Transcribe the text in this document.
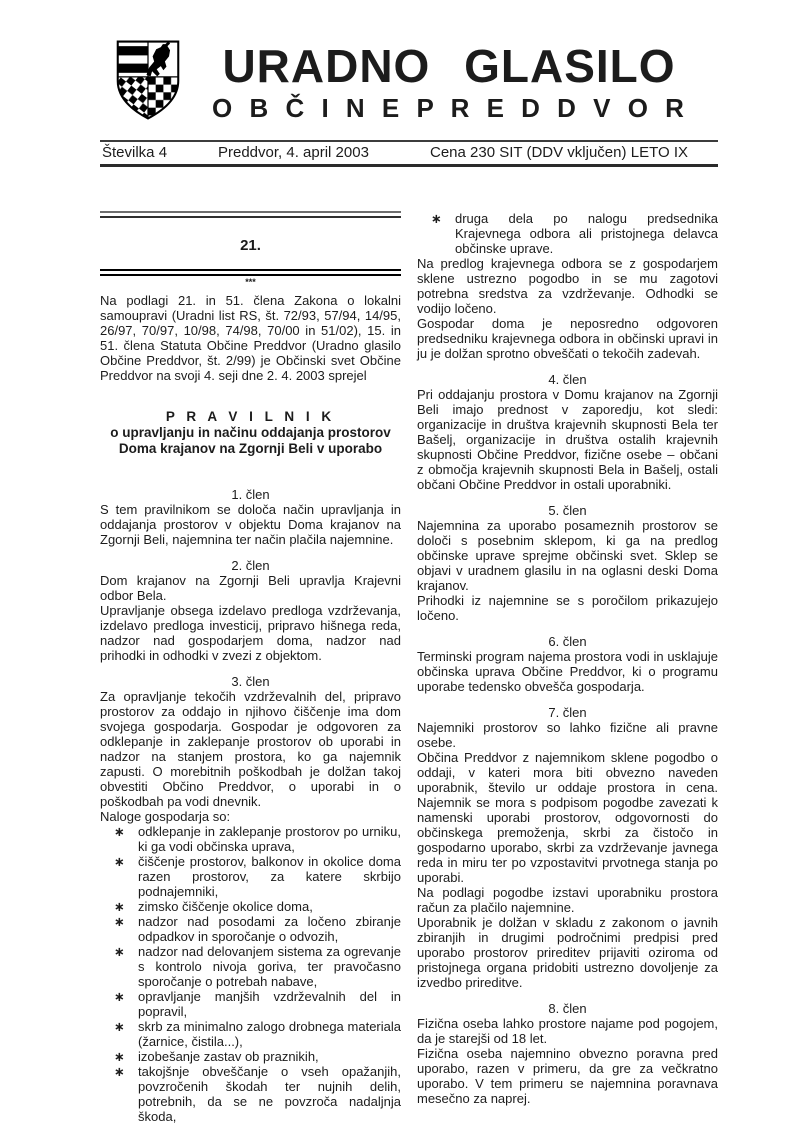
URADNO GLASILO
O B Č I N E P R E D D V O R
Številka 4	Preddvor, 4. april 2003	Cena 230 SIT (DDV vključen) LETO IX
21.
***

Na podlagi 21. in 51. člena Zakona o lokalni samoupravi (Uradni list RS, št. 72/93, 57/94, 14/95, 26/97, 70/97, 10/98, 74/98, 70/00 in 51/02), 15. in 51. člena Statuta Občine Preddvor (Uradno glasilo Občine Preddvor, št. 2/99) je Občinski svet Občine Preddvor na svoji 4. seji dne 2. 4. 2003 sprejel

P R A V I L N I K
o upravljanju in načinu oddajanja prostorov
Doma krajanov na Zgornji Beli v uporabo
1. člen

S tem pravilnikom se določa način upravljanja in oddajanja prostorov v objektu Doma krajanov na Zgornji Beli, najemnina ter način plačila najemnine.

2. člen

Dom krajanov na Zgornji Beli upravlja Krajevni odbor Bela.

Upravljanje obsega izdelavo predloga vzdrževanja, izdelavo predloga investicij, pripravo hišnega reda, nadzor nad gospodarjem doma, nadzor nad prihodki in odhodki v zvezi z objektom.

3. člen

Za opravljanje tekočih vzdrževalnih del, pripravo prostorov za oddajo in njihovo čiščenje ima dom svojega gospodarja. Gospodar je odgovoren za odklepanje in zaklepanje prostorov ob uporabi in nadzor na stanjem prostora, ko ga najemnik zapusti. O morebitnih poškodbah je dolžan takoj obvestiti Občino Preddvor, o uporabi in o poškodbah pa vodi dnevnik.

Naloge gospodarja so:

∗ odklepanje in zaklepanje prostorov po urniku, ki ga vodi občinska uprava,
∗ čiščenje prostorov, balkonov in okolice doma razen prostorov, za katere skrbijo podnajemniki,
∗ zimsko čiščenje okolice doma,
∗ nadzor nad posodami za ločeno zbiranje odpadkov in sporočanje o odvozih,
∗ nadzor nad delovanjem sistema za ogrevanje s kontrolo nivoja goriva, ter pravočasno sporočanje o potrebah nabave,
∗ opravljanje manjših vzdrževalnih del in popravil,
∗ skrb za minimalno zalogo drobnega materiala (žarnice, čistila...),
∗ izobešanje zastav ob praznikih,
∗ takojšnje obveščanje o vseh opažanjih, povzročenih škodah ter nujnih delih, potrebnih, da se ne povzroča nadaljnja škoda,
∗ druga dela po nalogu predsednika Krajevnega odbora ali pristojnega delavca občinske uprave.

Na predlog krajevnega odbora se z gospodarjem sklene ustrezno pogodbo in se mu zagotovi potrebna sredstva za vzdrževanje. Odhodki se vodijo ločeno.

Gospodar doma je neposredno odgovoren predsedniku krajevnega odbora in občinski upravi in ju je dolžan sprotno obveščati o tekočih zadevah.

4. člen

Pri oddajanju prostora v Domu krajanov na Zgornji Beli imajo prednost v zaporedju, kot sledi: organizacije in društva krajevnih skupnosti Bela ter Bašelj, organizacije in društva ostalih krajevnih skupnosti Občine Preddvor, fizične osebe – občani z območja krajevnih skupnosti Bela in Bašelj, ostali občani Občine Preddvor in ostali uporabniki.

5. člen

Najemnina za uporabo posameznih prostorov se določi s posebnim sklepom, ki ga na predlog občinske uprave sprejme občinski svet. Sklep se objavi v uradnem glasilu in na oglasni deski Doma krajanov.

Prihodki iz najemnine se s poročilom prikazujejo ločeno.

6. člen

Terminski program najema prostora vodi in usklajuje občinska uprava Občine Preddvor, ki o programu uporabe tedensko obvešča gospodarja.

7. člen

Najemniki prostorov so lahko fizične ali pravne osebe.

Občina Preddvor z najemnikom sklene pogodbo o oddaji, v kateri mora biti obvezno naveden uporabnik, število ur oddaje prostora in cena. Najemnik se mora s podpisom pogodbe zavezati k namenski uporabi prostorov, odgovornosti do občinskega premoženja, skrbi za čistočo in gospodarno uporabo, skrbi za vzdrževanje javnega reda in miru ter po vzpostavitvi prvotnega stanja po uporabi.

Na podlagi pogodbe izstavi uporabniku prostora račun za plačilo najemnine.

Uporabnik je dolžan v skladu z zakonom o javnih zbiranjih in drugimi področnimi predpisi pred uporabo prostorov prireditev prijaviti oziroma od pristojnega organa pridobiti ustrezno dovoljenje za izvedbo prireditve.

8. člen

Fizična oseba lahko prostore najame pod pogojem, da je starejši od 18 let.

Fizična oseba najemnino obvezno poravna pred uporabo, razen v primeru, da gre za večkratno uporabo. V tem primeru se najemnina poravnava mesečno za naprej.
